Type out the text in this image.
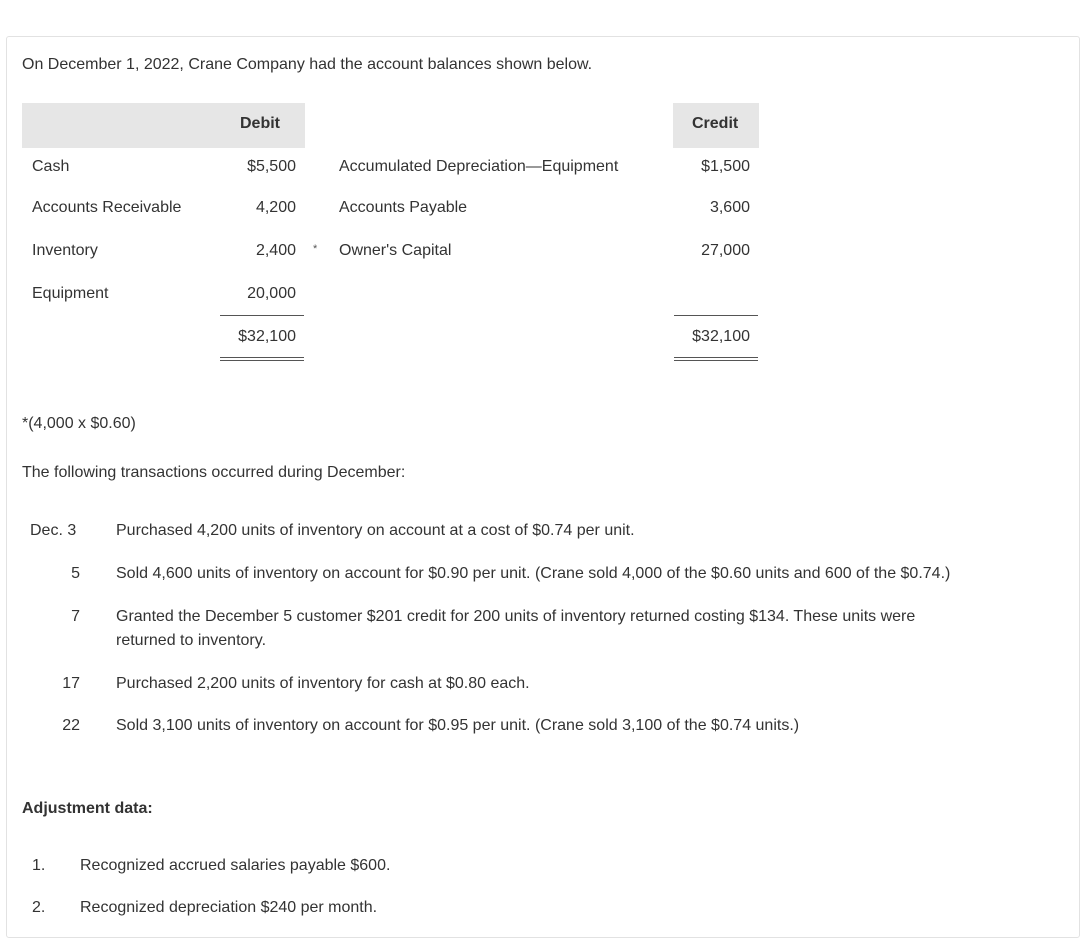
On December 1, 2022, Crane Company had the account balances shown below.
Debit	Credit
Cash
Accounts Receivable
Inventory
Equipment
$5,500
4,200
2,400
20,000
$32,100
*
Accumulated Depreciation—Equipment
Accounts Payable
Owner's Capital
$1,500
3,600
27,000
$32,100
*(4,000 x $0.60)
The following transactions occurred during December:
Dec. 3 Purchased 4,200 units of inventory on account at a cost of $0.74 per unit.
5 Sold 4,600 units of inventory on account for $0.90 per unit. (Crane sold 4,000 of the $0.60 units and 600 of the $0.74.)
7 Granted the December 5 customer $201 credit for 200 units of inventory returned costing $134. These units were
returned to inventory.
17 Purchased 2,200 units of inventory for cash at $0.80 each.
22 Sold 3,100 units of inventory on account for $0.95 per unit. (Crane sold 3,100 of the $0.74 units.)
Adjustment data:
1. Recognized accrued salaries payable $600.
2. Recognized depreciation $240 per month.
